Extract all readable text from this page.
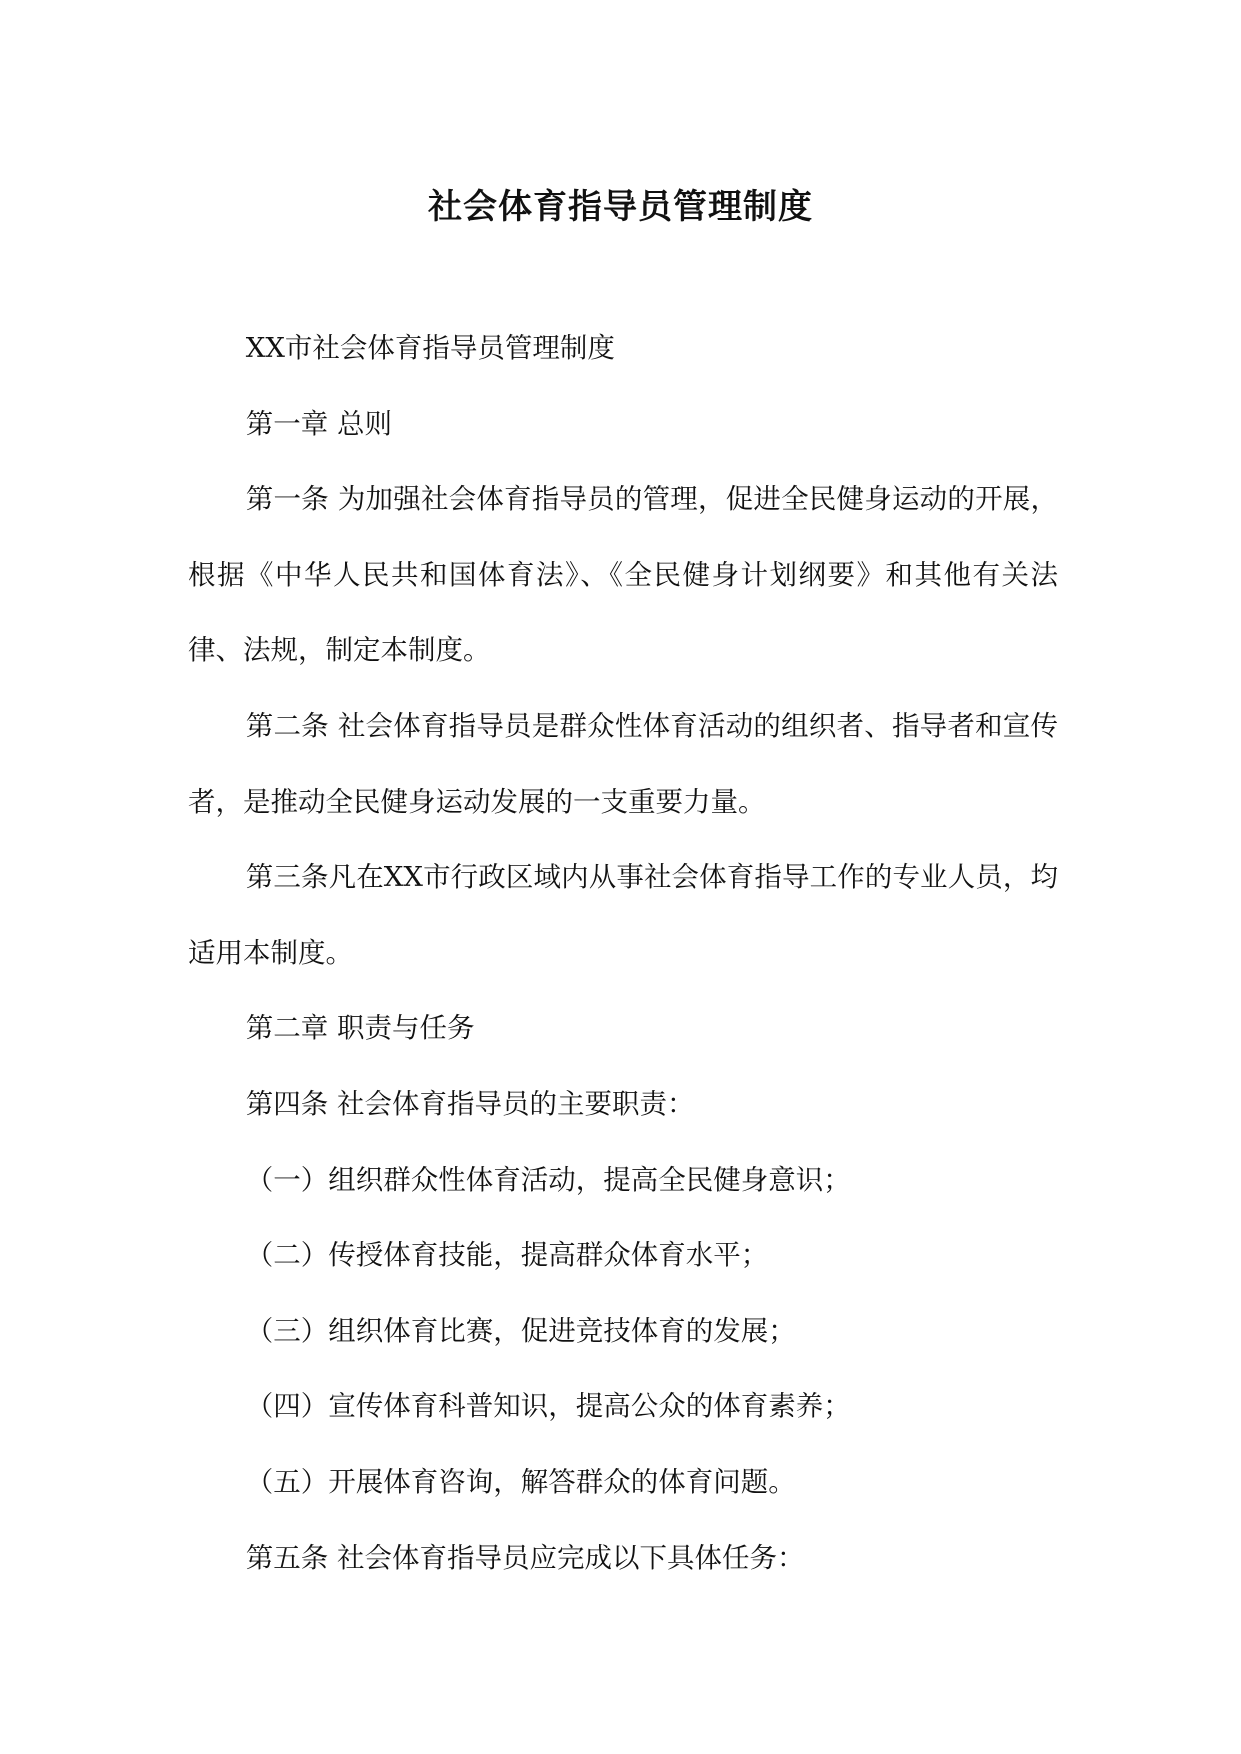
社会体育指导员管理制度

XX市社会体育指导员管理制度

第一章 总则

第一条 为加强社会体育指导员的管理，促进全民健身运动的开展，根据《中华人民共和国体育法》、《全民健身计划纲要》和其他有关法律、法规，制定本制度。

第二条 社会体育指导员是群众性体育活动的组织者、指导者和宣传者，是推动全民健身运动发展的一支重要力量。

第三条凡在XX市行政区域内从事社会体育指导工作的专业人员，均适用本制度。

第二章 职责与任务

第四条 社会体育指导员的主要职责：

（一）组织群众性体育活动，提高全民健身意识；

（二）传授体育技能，提高群众体育水平；

（三）组织体育比赛，促进竞技体育的发展；

（四）宣传体育科普知识，提高公众的体育素养；

（五）开展体育咨询，解答群众的体育问题。

第五条 社会体育指导员应完成以下具体任务：
